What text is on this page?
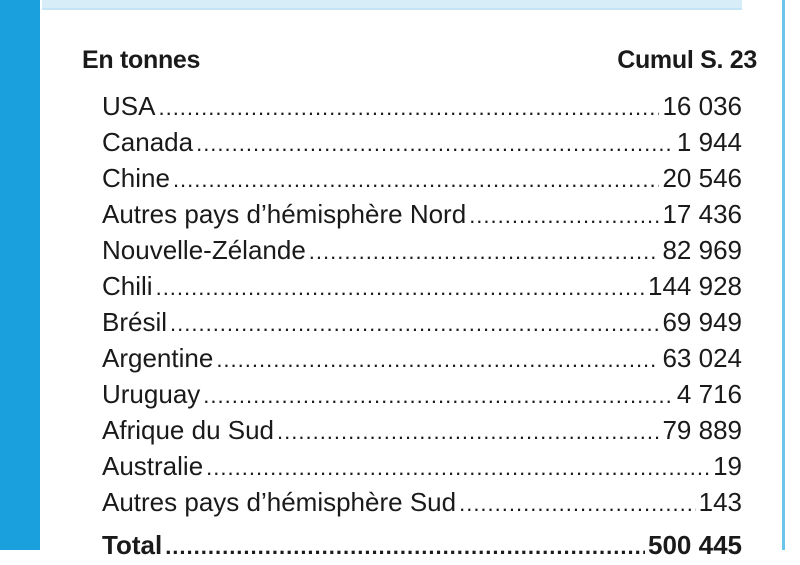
En tonnes	Cumul S. 23
USA .....	16 036
Canada .....	1 944
Chine .....	20 546
Autres pays d’hémisphère Nord .....	17 436
Nouvelle-Zélande .....	82 969
Chili .....	144 928
Brésil .....	69 949
Argentine .....	63 024
Uruguay .....	4 716
Afrique du Sud .....	79 889
Australie .....	19
Autres pays d’hémisphère Sud .....	143
Total .....	500 445
